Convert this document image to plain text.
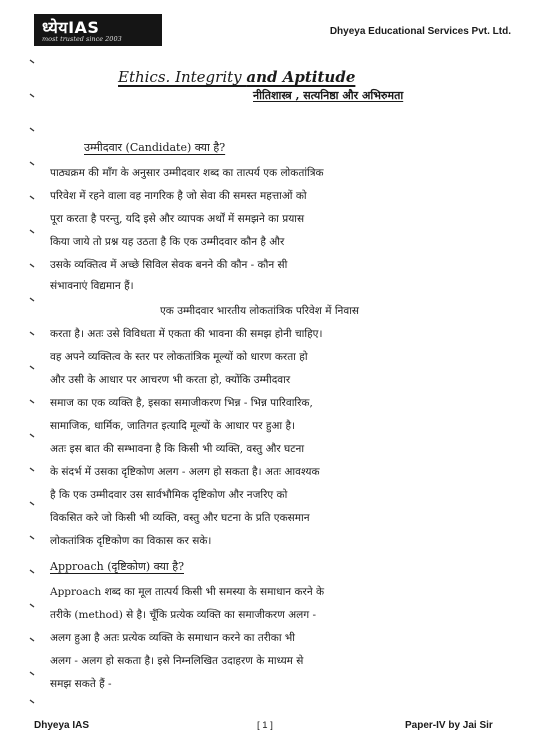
ध्येयIAS
most trusted since 2003
Dhyeya Educational Services Pvt. Ltd.
Ethics. Integrity and Aptitude
नीतिशास्त्र , सत्यनिष्ठा और अभिरुमता
उम्मीदवार (Candidate) क्या है?
पाठ्यक्रम की माँग के अनुसार उम्मीदवार शब्द का तात्पर्य एक लोकतांत्रिक
परिवेश में रहने वाला वह नागरिक है जो सेवा की समस्त महत्ताओं को
पूरा करता है परन्तु, यदि इसे और व्यापक अर्थों में समझने का प्रयास
किया जाये तो प्रश्न यह उठता है कि एक उम्मीदवार कौन है और
उसके व्यक्तित्व में अच्छे सिविल सेवक बनने की कौन - कौन सी
संभावनाएं विद्यमान हैं।
एक उम्मीदवार भारतीय लोकतांत्रिक परिवेश में निवास
करता है। अतः उसे विविधता में एकता की भावना की समझ होनी चाहिए।
वह अपने व्यक्तित्व के स्तर पर लोकतांत्रिक मूल्यों को धारण करता हो
और उसी के आधार पर आचरण भी करता हो, क्योंकि उम्मीदवार
समाज का एक व्यक्ति है, इसका समाजीकरण भिन्न - भिन्न पारिवारिक,
सामाजिक, धार्मिक, जातिगत इत्यादि मूल्यों के आधार पर हुआ है।
अतः इस बात की सम्भावना है कि किसी भी व्यक्ति, वस्तु और घटना
के संदर्भ में उसका दृष्टिकोण अलग - अलग हो सकता है। अतः आवश्यक
है कि एक उम्मीदवार उस सार्वभौमिक दृष्टिकोण और नजरिए को
विकसित करे जो किसी भी व्यक्ति, वस्तु और घटना के प्रति एकसमान
लोकतांत्रिक दृष्टिकोण का विकास कर सके।
Approach (दृष्टिकोण) क्या है?
Approach शब्द का मूल तात्पर्य किसी भी समस्या के समाधान करने के
तरीके (method) से है। चूँकि प्रत्येक व्यक्ति का समाजीकरण अलग -
अलग हुआ है अतः प्रत्येक व्यक्ति के समाधान करने का तरीका भी
अलग - अलग हो सकता है। इसे निम्नलिखित उदाहरण के माध्यम से
समझ सकते हैं -
Dhyeya IAS	[ 1 ]	Paper-IV by Jai Sir
